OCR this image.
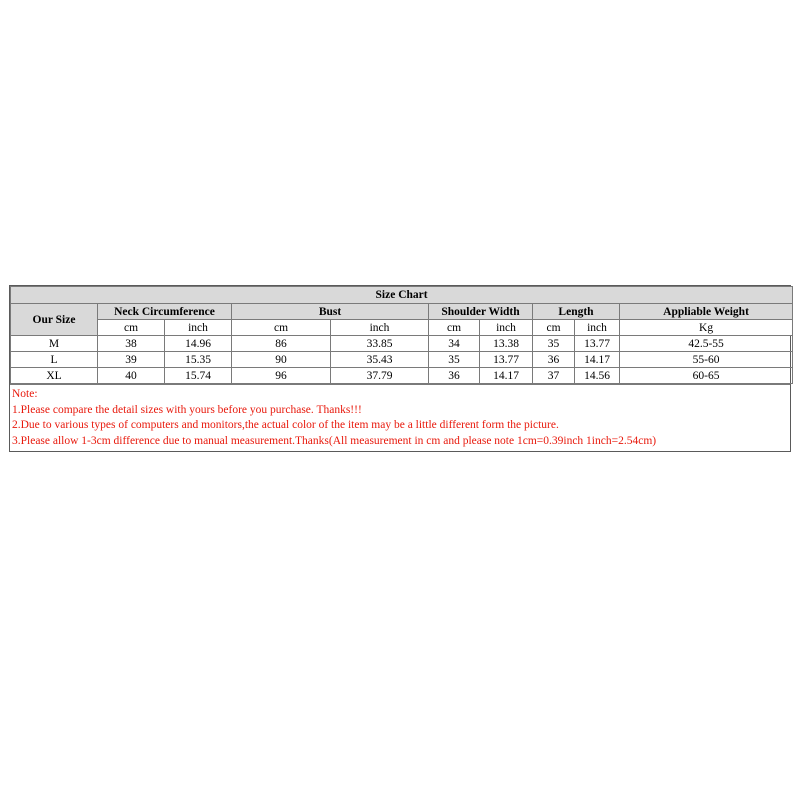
Size Chart									
Our Size	Neck Circumference		Bust		Shoulder Width		Length		Appliable Weight
	cm	inch	cm	inch	cm	inch	cm	inch	Kg
M	38	14.96	86	33.85	34	13.38	35	13.77	42.5-55
L	39	15.35	90	35.43	35	13.77	36	14.17	55-60
XL	40	15.74	96	37.79	36	14.17	37	14.56	60-65
Note:
1.Please compare the detail sizes with yours before you purchase. Thanks!!!
2.Due to various types of computers and monitors,the actual color of the item may be a little different form the picture.
3.Please allow 1-3cm difference due to manual measurement.Thanks(All measurement in cm and please note 1cm=0.39inch 1inch=2.54cm)
